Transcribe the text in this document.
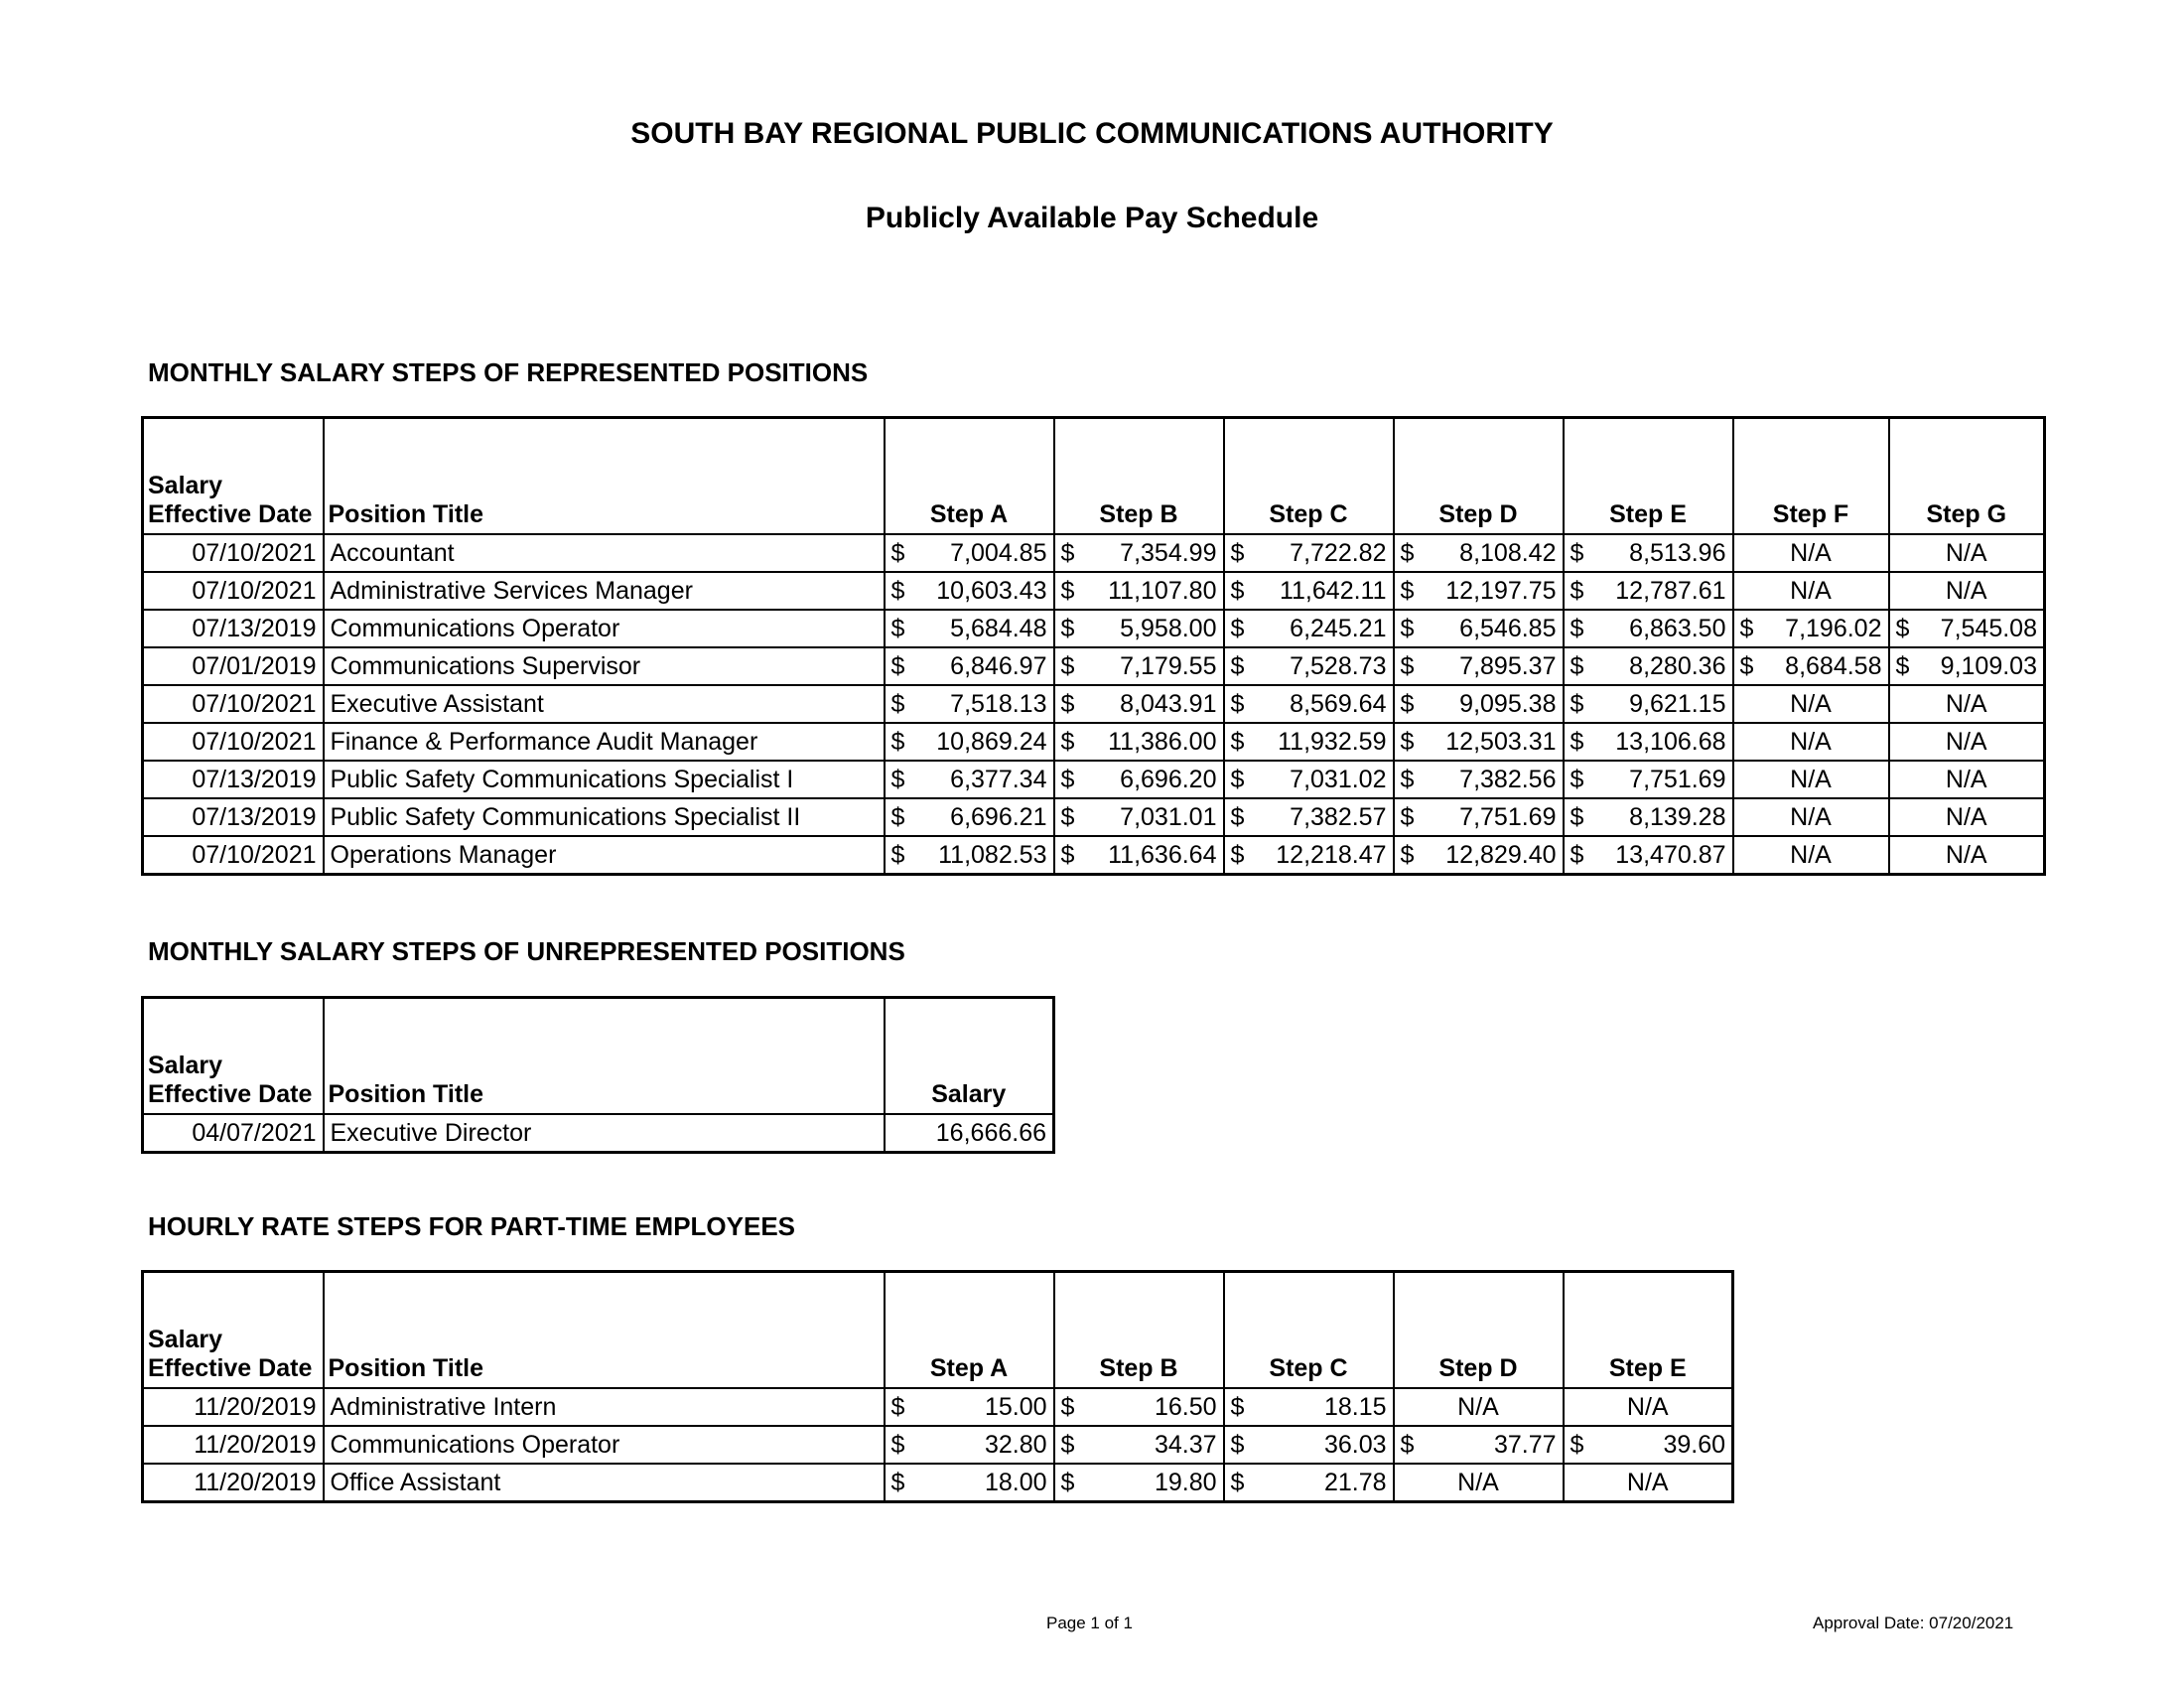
SOUTH BAY REGIONAL PUBLIC COMMUNICATIONS AUTHORITY
Publicly Available Pay Schedule
MONTHLY SALARY STEPS OF REPRESENTED POSITIONS
Salary
Effective Date	Position Title	Step A	Step B	Step C	Step D	Step E	Step F	Step G
07/10/2021	Accountant	$ 7,004.85	$ 7,354.99	$ 7,722.82	$ 8,108.42	$ 8,513.96	N/A	N/A
07/10/2021	Administrative Services Manager	$ 10,603.43	$ 11,107.80	$ 11,642.11	$ 12,197.75	$ 12,787.61	N/A	N/A
07/13/2019	Communications Operator	$ 5,684.48	$ 5,958.00	$ 6,245.21	$ 6,546.85	$ 6,863.50	$ 7,196.02	$ 7,545.08

07/01/2019	Communications Supervisor	$ 6,846.97	$ 7,179.55	$ 7,528.73	$ 7,895.37	$ 8,280.36	$ 8,684.58	$ 9,109.03

07/10/2021	Executive Assistant	$ 7,518.13	$ 8,043.91	$ 8,569.64	$ 9,095.38	$ 9,621.15	N/A	N/A
07/10/2021	Finance & Performance Audit Manager	$ 10,869.24	$ 11,386.00	$ 11,932.59	$ 12,503.31	$ 13,106.68	N/A	N/A
07/13/2019	Public Safety Communications Specialist I	$ 6,377.34	$ 6,696.20	$ 7,031.02	$ 7,382.56	$ 7,751.69	N/A	N/A
07/13/2019	Public Safety Communications Specialist II	$ 6,696.21	$ 7,031.01	$ 7,382.57	$ 7,751.69	$ 8,139.28	N/A	N/A
07/10/2021	Operations Manager	$ 11,082.53	$ 11,636.64	$ 12,218.47	$ 12,829.40	$ 13,470.87	N/A	N/A
MONTHLY SALARY STEPS OF UNREPRESENTED POSITIONS
Salary
Effective Date	Position Title	Salary
04/07/2021	Executive Director	16,666.66
HOURLY RATE STEPS FOR PART-TIME EMPLOYEES
Salary
Effective Date	Position Title	Step A	Step B	Step C	Step D	Step E
11/20/2019	Administrative Intern	$ 15.00	$ 16.50	$ 18.15	N/A	N/A
11/20/2019	Communications Operator	$ 32.80	$ 34.37	$ 36.03	$ 37.77	$ 39.60

11/20/2019	Office Assistant	$ 18.00	$ 19.80	$ 21.78	N/A	N/A
Page 1 of 1	Approval Date: 07/20/2021
